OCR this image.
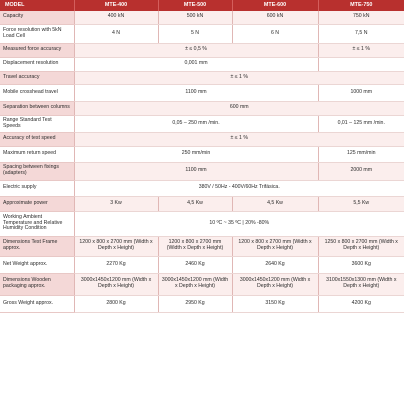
MODEL	MTE-400	MTE-500	MTE-600	MTE-750
Capacity	400 kN	500 kN	600 kN	750 kN
Force resolution with 5kN Load Cell	4 N	5 N	6 N	7,5 N
Measured force accuracy	± ≤ 0,5 %			± ≤ 1 %
Displacement resolution	0,001 mm			
Travel accuracy	± ≤ 1 %			
Mobile crosshead travel	1100 mm			1000 mm
Separation between columns	600 mm			
Range Standard Test Speeds	0,05 – 250 mm /min.			0,01 – 125 mm /min.
Accuracy of test speed	± ≤ 1 %			
Maximum return speed	250 mm/min			125 mm/min
Spacing between fixings (adapters)	1100 mm			2000 mm
Electric supply	380V / 50Hz - 400V/60Hz Trifásica.			
Approximate power	3 Kw	4,5 Kw	4,5 Kw	5,5 Kw
Working Ambient Temperature and Relative Humidity Condition	10 ºC ~ 35 ºC | 20% -80%			
Dimensions Test Frame approx.	1200 x 800 x 2700 mm (Width x Depth x Height)	1200 x 800 x 2700 mm (Width x Depth x Height)	1200 x 800 x 2700 mm (Width x Depth x Height)	1250 x 800 x 2700 mm (Width x Depth x Height)
Net Weight approx.	2270 Kg	2460 Kg	2640 Kg	3600 Kg
Dimensions Wooden packaging approx.	3000x1450x1200 mm (Width x Depth x Height)	3000x1450x1200 mm (Width x Depth x Height)	3000x1450x1200 mm (Width x Depth x Height)	3100x1550x1300 mm (Width x Depth x Height)
Gross Weight approx.	2800 Kg	2950 Kg	3150 Kg	4200 Kg
